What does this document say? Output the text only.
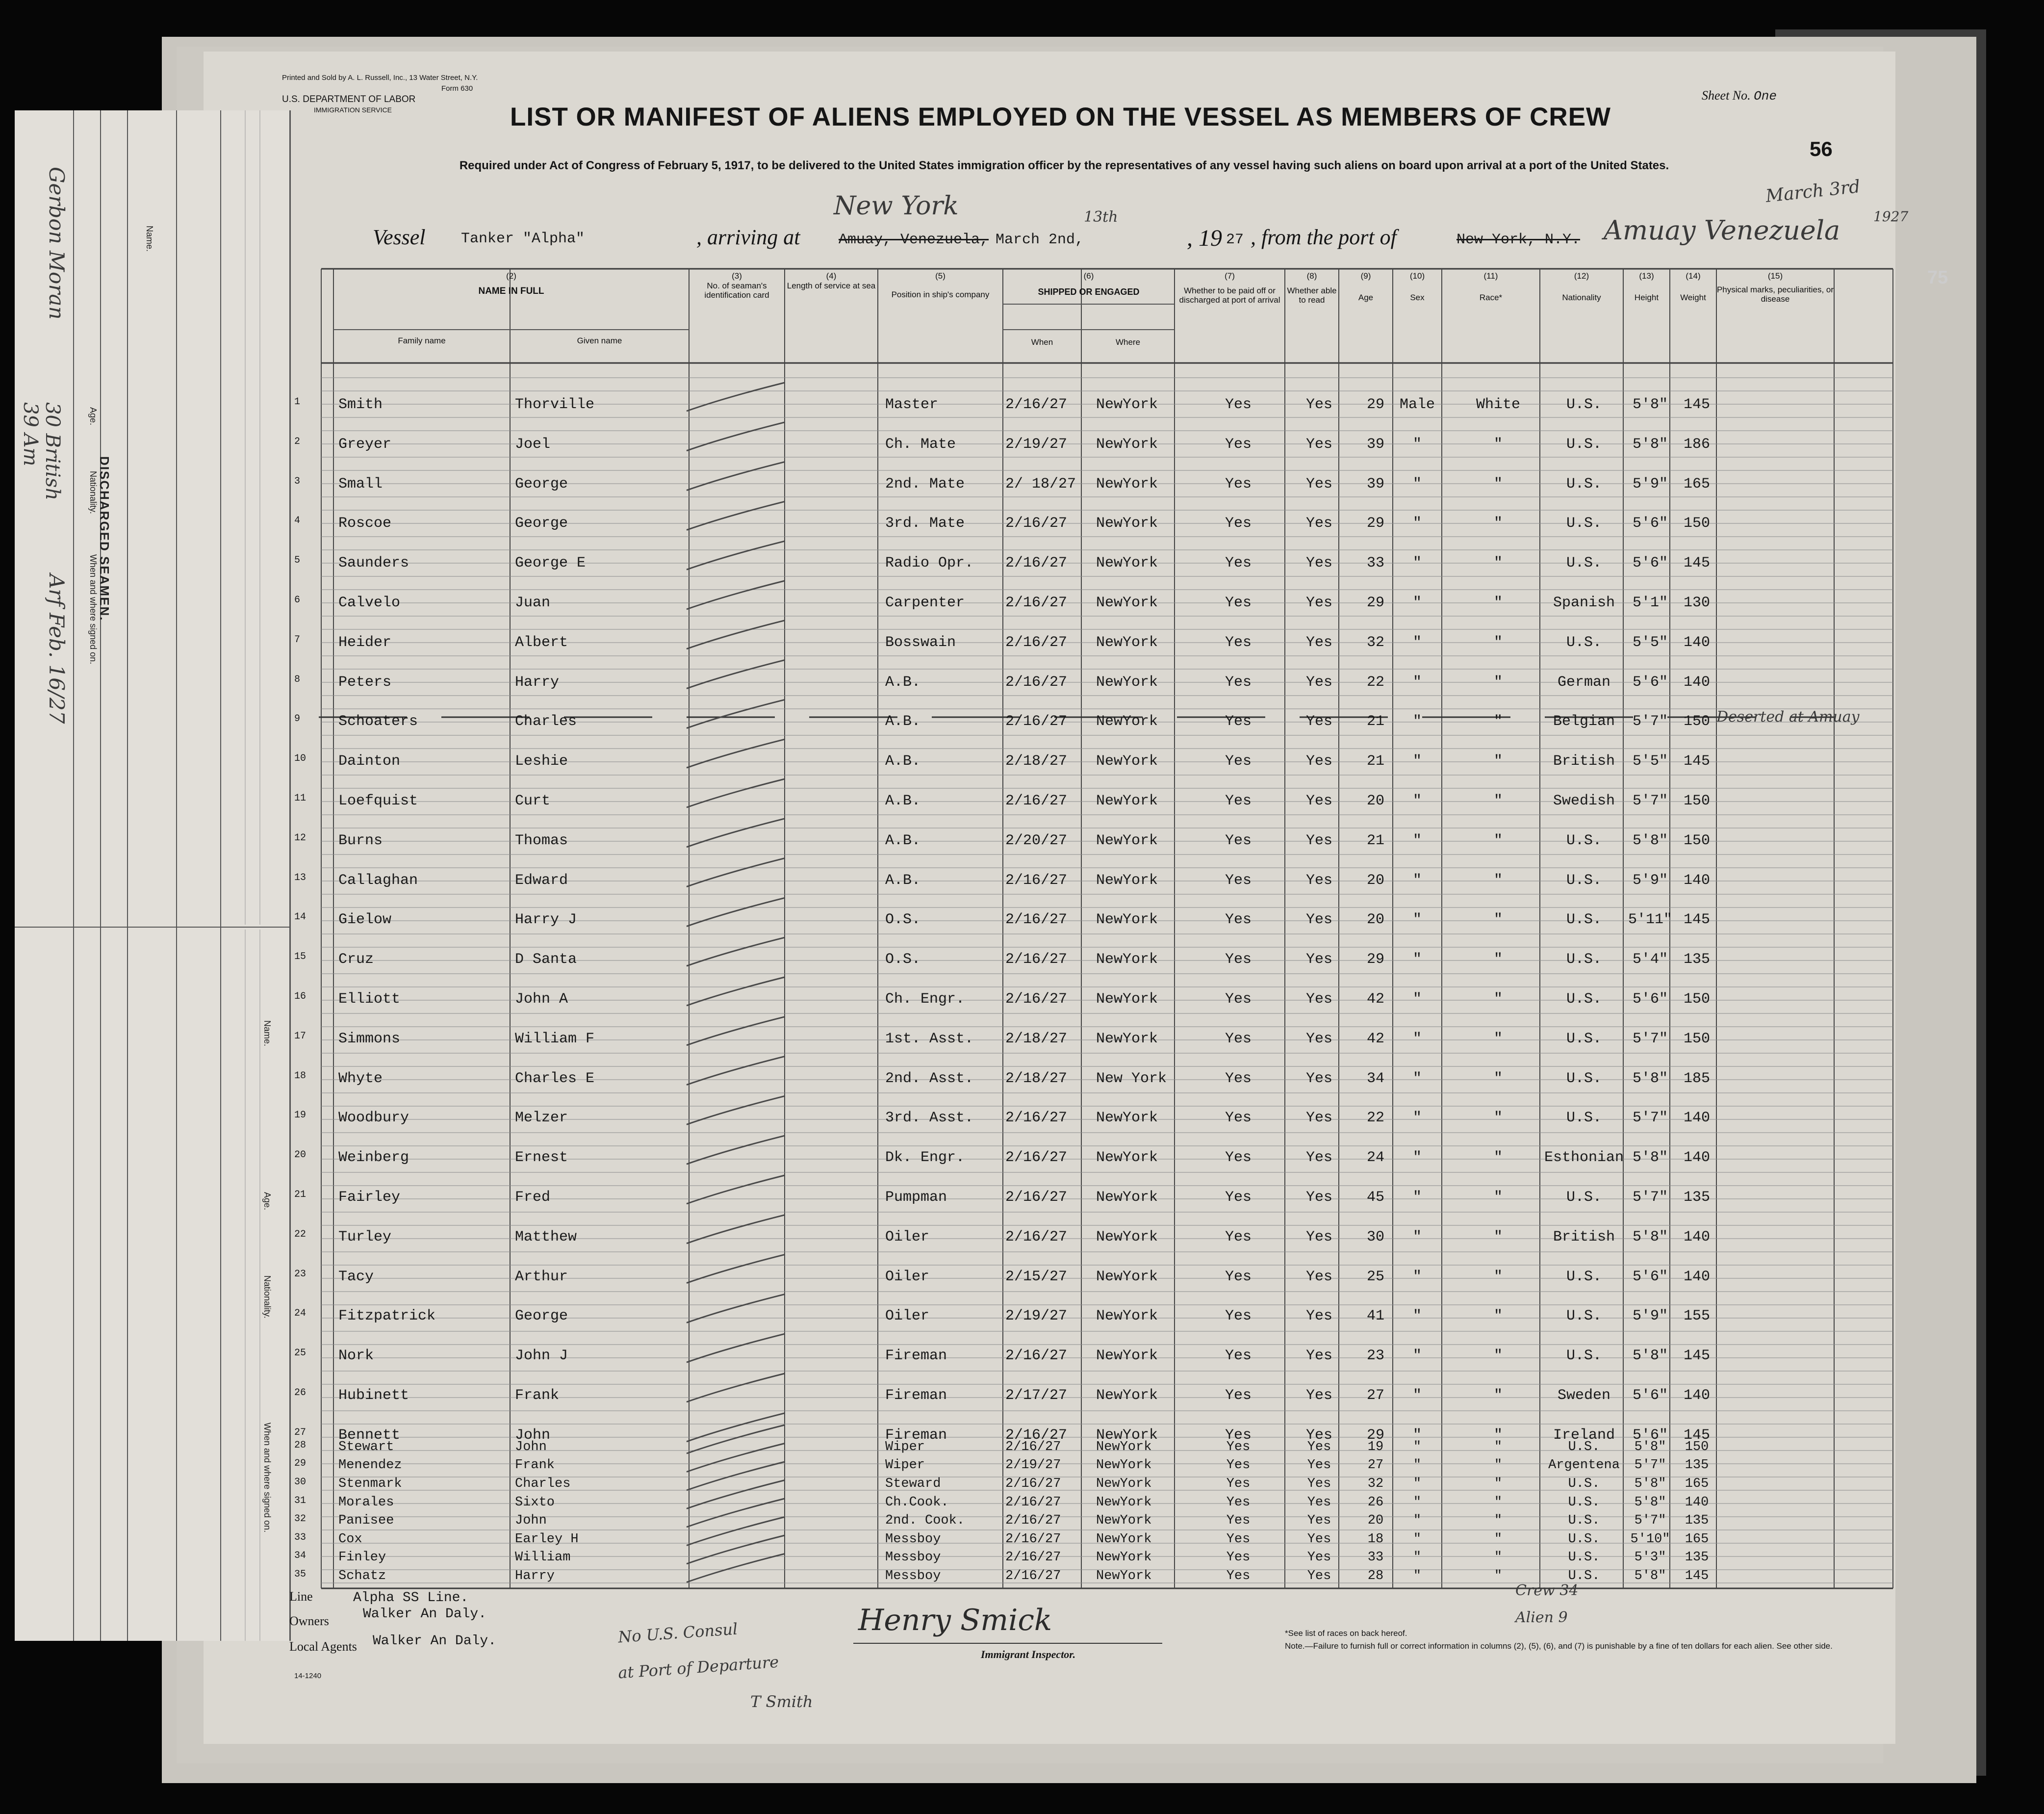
Printed and Sold by A. L. Russell, Inc., 13 Water Street, N.Y.
Form 630
U.S. DEPARTMENT OF LABOR
IMMIGRATION SERVICE
Sheet No. One
LIST OR MANIFEST OF ALIENS EMPLOYED ON THE VESSEL AS MEMBERS OF CREW
56
75
Required under Act of Congress of February 5, 1917, to be delivered to the United States immigration officer by the representatives of any vessel having such aliens on board upon arrival at a port of the United States.
Vessel Tanker "Alpha"	, arriving at	Amuay, Venezuela,
New York
March 2nd,
13th
, 19 27 , from the port of	New York, N.Y. Amuay Venezuela
March 3rd
1927
(2)
NAME IN FULL
Family name	Given name
(3)
No. of seaman's identification card
(4)
Length of service at sea
(5)
Position in ship's company
(6)
SHIPPED OR ENGAGED
When	Where
(7)
Whether to be paid off or discharged at port of arrival
(8)
Whether able to read
(9)
Age
(10)
Sex
(11)
Race*
(12)
Nationality
(13)
Height
(14)
Weight
(15)
Physical marks, peculiarities, or disease
1	Smith	Thorville	Master	2/16/27 NewYork	Yes	Yes	29	Male	White	U.S.	5'8"	145
2	Greyer	Joel	Ch. Mate	2/19/27 NewYork	Yes	Yes	39	"	"	U.S.	5'8"	186
3	Small	George	2nd. Mate	2/ 18/27 NewYork	Yes	Yes	39	"	"	U.S.	5'9"	165
4	Roscoe	George	3rd. Mate	2/16/27 NewYork	Yes	Yes	29	"	"	U.S.	5'6"	150
5	Saunders	George E	Radio Opr. 2/16/27 NewYork	Yes	Yes	33	"	"	U.S.	5'6"	145
6	Calvelo	Juan	Carpenter	2/16/27 NewYork	Yes	Yes	29	"	"	Spanish	5'1"	130
7	Heider	Albert	Bosswain	2/16/27 NewYork	Yes	Yes	32	"	"	U.S.	5'5"	140
8	Peters	Harry	A.B.	2/16/27 NewYork	Yes	Yes	22	"	"	German	5'6"	140
9	Schoaters	Charles	A.B.	2/16/27 NewYork	Yes	Yes	21	"	"	Belgian	5'7"	150 Deserted at Amuay
10 Dainton	Leshie	A.B.	2/18/27 NewYork	Yes	Yes	21	"	"	British	5'5"	145
11 Loefquist	Curt	A.B.	2/16/27 NewYork	Yes	Yes	20	"	"	Swedish	5'7"	150
12 Burns	Thomas	A.B.	2/20/27 NewYork	Yes	Yes	21	"	"	U.S.	5'8"	150
13 Callaghan	Edward	A.B.	2/16/27 NewYork	Yes	Yes	20	"	"	U.S.	5'9"	140
14 Gielow	Harry J	O.S.	2/16/27 NewYork	Yes	Yes	20	"	"	U.S.	5'11" 145
15 Cruz	D Santa	O.S.	2/16/27 NewYork	Yes	Yes	29	"	"	U.S.	5'4"	135
16 Elliott	John A	Ch. Engr.	2/16/27 NewYork	Yes	Yes	42	"	"	U.S.	5'6"	150
17 Simmons	William F	1st. Asst. 2/18/27 NewYork	Yes	Yes	42	"	"	U.S.	5'7"	150
18 Whyte	Charles E	2nd. Asst. 2/18/27 New York	Yes	Yes	34	"	"	U.S.	5'8"	185
19 Woodbury	Melzer	3rd. Asst. 2/16/27 NewYork	Yes	Yes	22	"	"	U.S.	5'7"	140
20 Weinberg	Ernest	Dk. Engr.	2/16/27 NewYork	Yes	Yes	24	"	"	Esthonian 5'8"	140
21 Fairley	Fred	Pumpman	2/16/27 NewYork	Yes	Yes	45	"	"	U.S.	5'7"	135
22 Turley	Matthew	Oiler	2/16/27 NewYork	Yes	Yes	30	"	"	British	5'8"	140
23 Tacy	Arthur	Oiler	2/15/27 NewYork	Yes	Yes	25	"	"	U.S.	5'6"	140
24 Fitzpatrick	George	Oiler	2/19/27 NewYork	Yes	Yes	41	"	"	U.S.	5'9"	155
25 Nork	John J	Fireman	2/16/27 NewYork	Yes	Yes	23	"	"	U.S.	5'8"	145
26 Hubinett	Frank	Fireman	2/17/27 NewYork	Yes	Yes	27	"	"	Sweden	5'6"	140
27 Bennett	John	Fireman	2/16/27 NewYork	Yes	Yes	29	"	"	Ireland	5'6"	145
28 Stewart	John	Wiper	2/16/27	NewYork	Yes	Yes	19	"	"	U.S.	5'8"	150
29 Menendez	Frank	Wiper	2/19/27	NewYork	Yes	Yes	27	"	"	Argentena	5'7"	135
30 Stenmark	Charles	Steward	2/16/27	NewYork	Yes	Yes	32	"	"	U.S.	5'8"	165
31 Morales	Sixto	Ch.Cook.	2/16/27	NewYork	Yes	Yes	26	"	"	U.S.	5'8"	140
32 Panisee	John	2nd. Cook.	2/16/27	NewYork	Yes	Yes	20	"	"	U.S.	5'7"	135
33 Cox	Earley H	Messboy	2/16/27	NewYork	Yes	Yes	18	"	"	U.S.	5'10"	165
34 Finley	William	Messboy	2/16/27	NewYork	Yes	Yes	33	"	"	U.S.	5'3"	135
35 Schatz	Harry	Messboy	2/16/27	NewYork	Yes	Yes	28	"	"	U.S.	5'8"	145
Line	Alpha SS Line.
Owners Walker An Daly.
Local Agents Walker An Daly.
14-1240
No U.S. Consul
at Port of Departure
T Smith
Henry Smick
Immigrant Inspector.
Crew 34
Alien 9
*See list of races on back hereof.
Note.—Failure to furnish full or correct information in columns (2), (5), (6), and (7) is punishable by a fine of ten dollars for each alien. See other side.
DISCHARGED SEAMEN.
Name.
Age.
Nationality.
When and where signed on.
Gerbon Moran
39 Am 30 British
Arf Feb. 16/27
Name.
Age.
Nationality.
When and where signed on.
